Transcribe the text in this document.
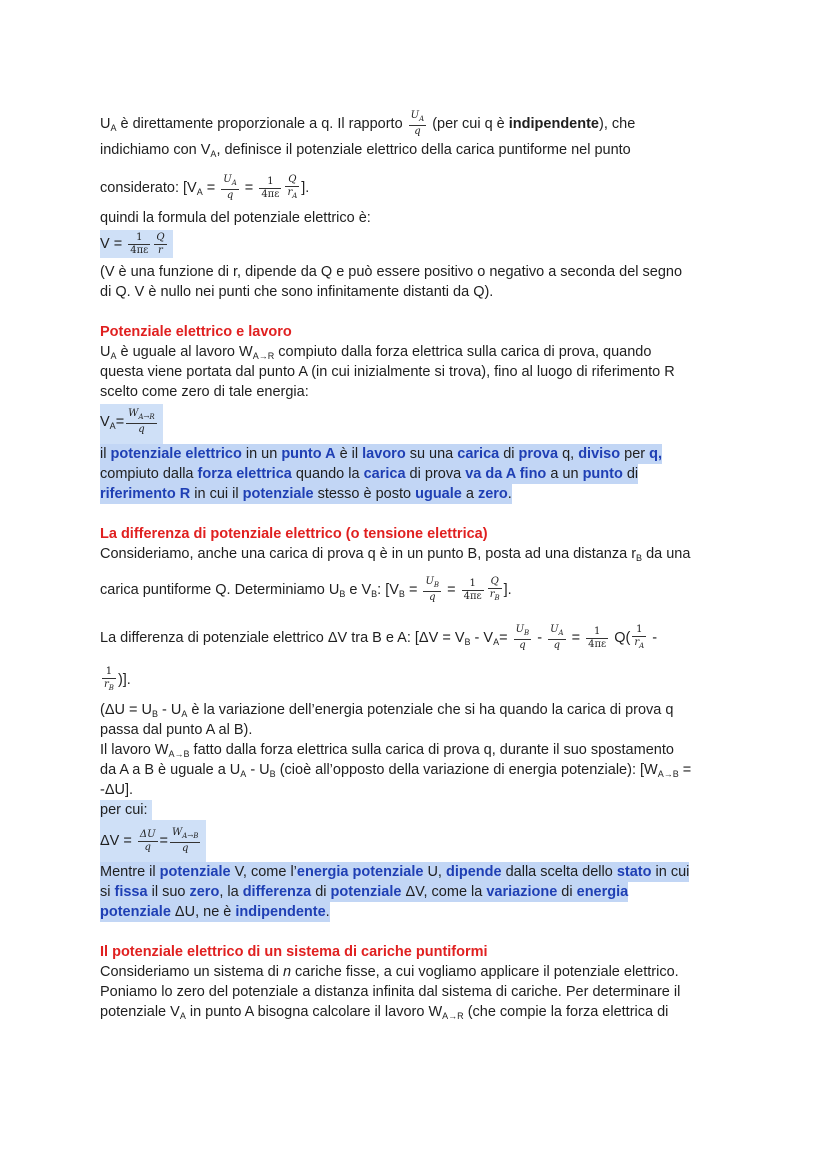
$U_A$ è direttamente proporzionale a q. Il rapporto $\frac{U_A}{q} (per$ cui q è indipendente), che
indichiamo con $V_A$, definisce il potenziale elettrico della carica puntiforme nel punto
considerato: [$V_A = \frac{U_A}{q} = \frac{1}{4\pi\varepsilon} \frac{Q}{r_A}$ ].
quindi la formula del potenziale elettrico è:
$V = \frac{1}{4\pi\varepsilon} \frac{Q}{r}$
(V è una funzione di r, dipende da Q e può essere positivo o negativo a seconda del segno
di Q. V è nullo nei punti che sono infinitamente distanti da Q).
Potenziale elettrico e lavoro
$U_A$ è uguale al lavoro $W_{A\to R}$ compiuto dalla forza elettrica sulla carica di prova, quando
questa viene portata dal punto A (in cui inizialmente si trova), fino al luogo di riferimento R
scelto come zero di tale energia:
$V_A= \frac{W_{A\to R}}{q}$
il potenziale elettrico in un punto A è il lavoro su una carica di prova q, diviso per q,
compiuto dalla forza elettrica quando la carica di prova va da A fino a un punto di
riferimento R in cui il potenziale stesso è posto uguale a zero.
La differenza di potenziale elettrico (o tensione elettrica)
Consideriamo, anche una carica di prova q è in un punto B, posta ad una distanza $r_B$ da una
carica puntiforme Q. Determiniamo $U_B$ e $V_B$: [$V_B = \frac{U_B}{q} = \frac{1}{4\pi\varepsilon} \frac{Q}{r_B}$ ].
La differenza di potenziale elettrico ΔV tra B e A: [$\Delta V = V_B - V_A= \frac{U_B}{q} - \frac{U_A}{q} = \frac{1}{4\pi\varepsilon} Q( \frac{1}{r_A}$ -
$\frac{1}{r_B}$ )].
($\Delta U = U_B - U_A$ è la variazione dell’energia potenziale che si ha quando la carica di prova q
passa dal punto A al B).
Il lavoro $W_{A\to B}$ fatto dalla forza elettrica sulla carica di prova q, durante il suo spostamento
da A a B è uguale a $U_A - U_B$ (cioè all’opposto della variazione di energia potenziale): [$W_{A\to B}$ =
-ΔU].
per cui:
$\Delta V = \frac{\Delta U}{q} = \frac{W_{A\to B}}{q}$
Mentre il potenziale V, come l’energia potenziale U, dipende dalla scelta dello stato in cui
si fissa il suo zero, la differenza di potenziale ΔV, come la variazione di energia
potenziale ΔU, ne è indipendente.
Il potenziale elettrico di un sistema di cariche puntiformi
Consideriamo un sistema di n cariche fisse, a cui vogliamo applicare il potenziale elettrico.
Poniamo lo zero del potenziale a distanza infinita dal sistema di cariche. Per determinare il
potenziale $V_A$ in punto A bisogna calcolare il lavoro $W_{A\to R}$ (che compie la forza elettrica di
